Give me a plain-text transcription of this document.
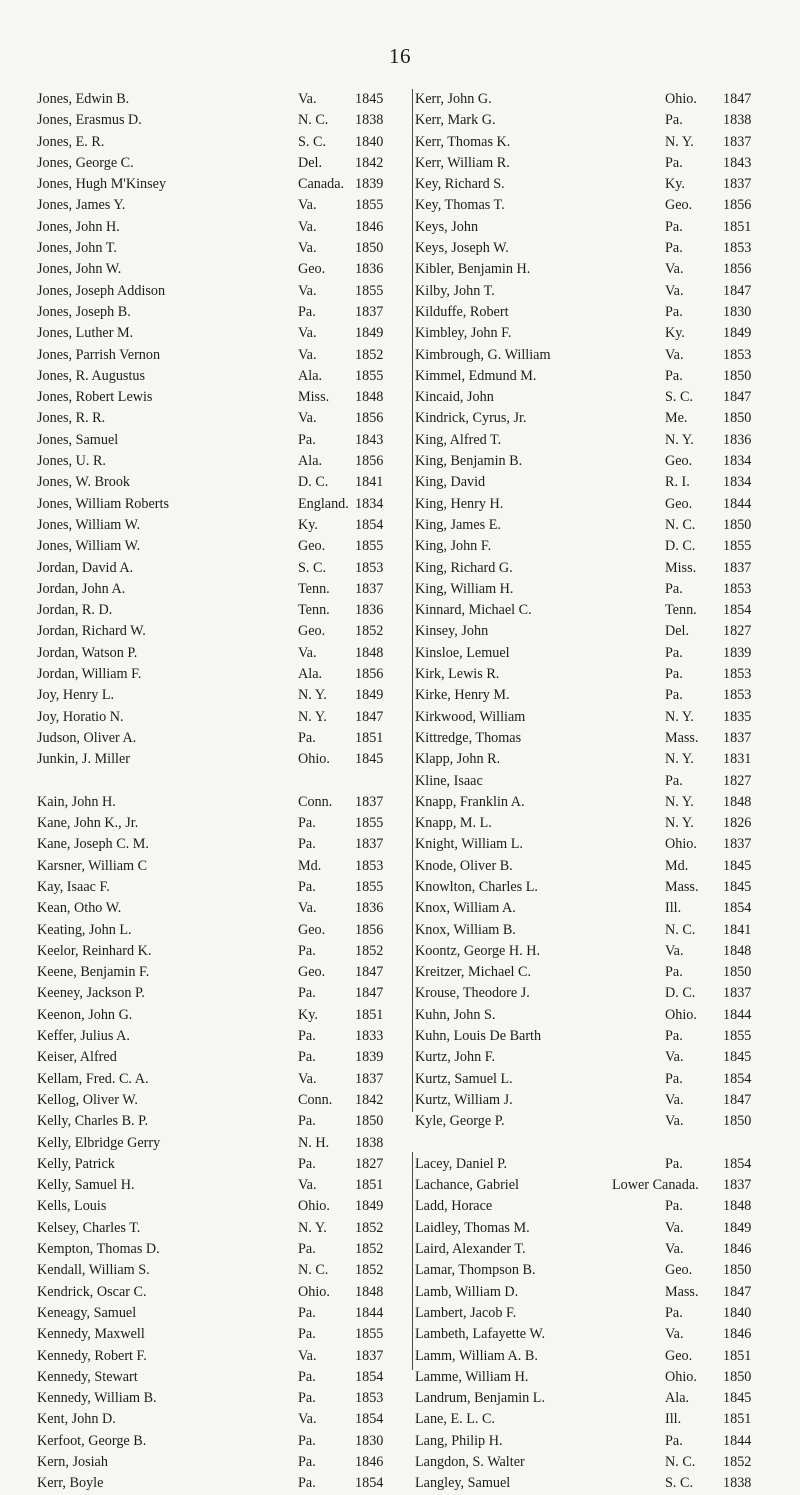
16
Jones, Edwin B.	Va.	1845
Jones, Erasmus D.	N. C. 1838
Jones, E. R.	S. C. 1840
Jones, George C.	Del. 1842
Jones, Hugh M'Kinsey	Canada. 1839
Jones, James Y.	Va.	1855
Jones, John H.	Va.	1846
Jones, John T.	Va.	1850
Jones, John W.	Geo. 1836
Jones, Joseph Addison	Va.	1855
Jones, Joseph B.	Pa.	1837
Jones, Luther M.	Va.	1849
Jones, Parrish Vernon	Va.	1852
Jones, R. Augustus	Ala. 1855
Jones, Robert Lewis	Miss. 1848
Jones, R. R.	Va.	1856
Jones, Samuel	Pa.	1843
Jones, U. R.	Ala. 1856
Jones, W. Brook	D. C. 1841
Jones, William Roberts	England. 1834
Jones, William W.	Ky.	1854
Jones, William W.	Geo. 1855
Jordan, David A.	S. C. 1853
Jordan, John A.	Tenn. 1837
Jordan, R. D.	Tenn. 1836
Jordan, Richard W.	Geo. 1852
Jordan, Watson P.	Va.	1848
Jordan, William F.	Ala. 1856
Joy, Henry L.	N. Y. 1849
Joy, Horatio N.	N. Y. 1847
Judson, Oliver A.	Pa.	1851
Junkin, J. Miller	Ohio. 1845
Kain, John H.	Conn. 1837
Kane, John K., Jr.	Pa.	1855
Kane, Joseph C. M.	Pa.	1837
Karsner, William C	Md. 1853
Kay, Isaac F.	Pa.	1855
Kean, Otho W.	Va.	1836
Keating, John L.	Geo. 1856
Keelor, Reinhard K.	Pa.	1852
Keene, Benjamin F.	Geo. 1847
Keeney, Jackson P.	Pa.	1847
Keenon, John G.	Ky.	1851
Keffer, Julius A.	Pa.	1833
Keiser, Alfred	Pa.	1839
Kellam, Fred. C. A.	Va.	1837
Kellog, Oliver W.	Conn. 1842
Kelly, Charles B. P.	Pa.	1850
Kelly, Elbridge Gerry	N. H. 1838
Kelly, Patrick	Pa.	1827
Kelly, Samuel H.	Va.	1851
Kells, Louis	Ohio. 1849
Kelsey, Charles T.	N. Y. 1852
Kempton, Thomas D.	Pa.	1852
Kendall, William S.	N. C. 1852
Kendrick, Oscar C.	Ohio. 1848
Keneagy, Samuel	Pa.	1844
Kennedy, Maxwell	Pa.	1855
Kennedy, Robert F.	Va.	1837
Kennedy, Stewart	Pa.	1854
Kennedy, William B.	Pa.	1853
Kent, John D.	Va.	1854
Kerfoot, George B.	Pa.	1830
Kern, Josiah	Pa.	1846
Kerr, Boyle	Pa.	1854
Kerr, John G.	Ohio. 1847
Kerr, Mark G.	Pa.	1838
Kerr, Thomas K.	N. Y. 1837
Kerr, William R.	Pa.	1843
Key, Richard S.	Ky.	1837
Key, Thomas T.	Geo. 1856
Keys, John	Pa.	1851
Keys, Joseph W.	Pa.	1853
Kibler, Benjamin H.	Va.	1856
Kilby, John T.	Va.	1847
Kilduffe, Robert	Pa.	1830
Kimbley, John F.	Ky.	1849
Kimbrough, G. William	Va.	1853
Kimmel, Edmund M.	Pa.	1850
Kincaid, John	S. C. 1847
Kindrick, Cyrus, Jr.	Me.	1850
King, Alfred T.	N. Y. 1836
King, Benjamin B.	Geo. 1834
King, David	R. I. 1834
King, Henry H.	Geo. 1844
King, James E.	N. C. 1850
King, John F.	D. C. 1855
King, Richard G.	Miss. 1837
King, William H.	Pa.	1853
Kinnard, Michael C.	Tenn. 1854
Kinsey, John	Del. 1827
Kinsloe, Lemuel	Pa.	1839
Kirk, Lewis R.	Pa.	1853
Kirke, Henry M.	Pa.	1853
Kirkwood, William	N. Y. 1835
Kittredge, Thomas	Mass. 1837
Klapp, John R.	N. Y. 1831
Kline, Isaac	Pa.	1827
Knapp, Franklin A.	N. Y. 1848
Knapp, M. L.	N. Y. 1826
Knight, William L.	Ohio. 1837
Knode, Oliver B.	Md. 1845
Knowlton, Charles L.	Mass. 1845
Knox, William A.	Ill.	1854
Knox, William B.	N. C. 1841
Koontz, George H. H.	Va.	1848
Kreitzer, Michael C.	Pa.	1850
Krouse, Theodore J.	D. C. 1837
Kuhn, John S.	Ohio. 1844
Kuhn, Louis De Barth	Pa.	1855
Kurtz, John F.	Va.	1845
Kurtz, Samuel L.	Pa.	1854
Kurtz, William J.	Va.	1847
Kyle, George P.	Va.	1850
Lacey, Daniel P.	Pa.	1854
Lachance, Gabriel	Lower Canada. 1837
Ladd, Horace	Pa.	1848
Laidley, Thomas M.	Va.	1849
Laird, Alexander T.	Va.	1846
Lamar, Thompson B.	Geo. 1850
Lamb, William D.	Mass. 1847
Lambert, Jacob F.	Pa.	1840
Lambeth, Lafayette W.	Va.	1846
Lamm, William A. B.	Geo. 1851
Lamme, William H.	Ohio. 1850
Landrum, Benjamin L.	Ala. 1845
Lane, E. L. C.	Ill.	1851
Lang, Philip H.	Pa.	1844
Langdon, S. Walter	N. C. 1852
Langley, Samuel	S. C. 1838
